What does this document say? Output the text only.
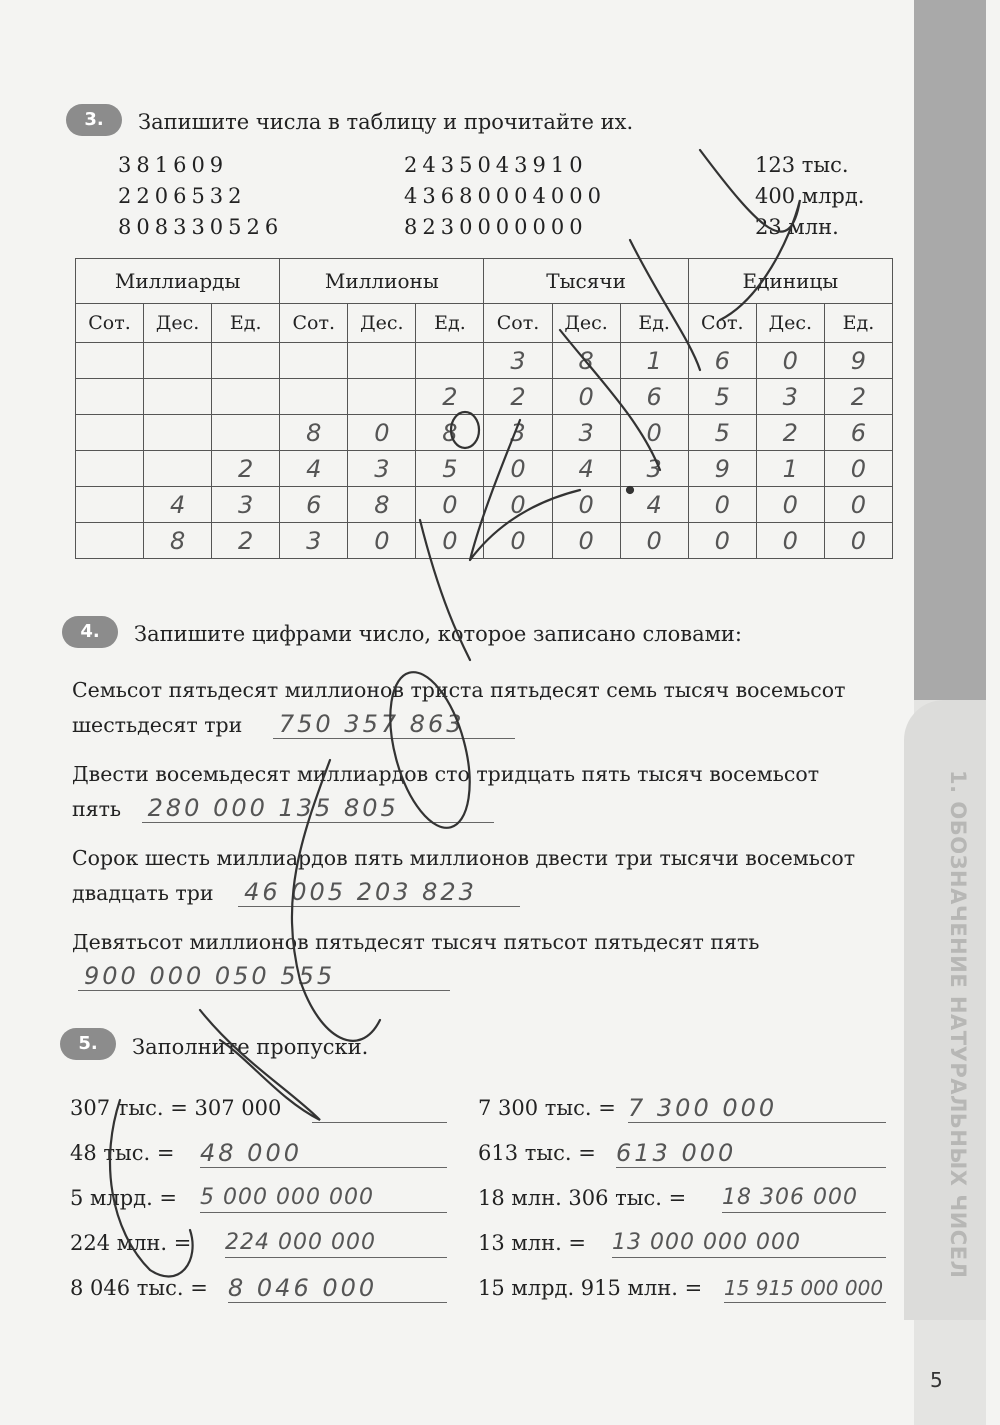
1. ОБОЗНАЧЕНИЕ НАТУРАЛЬНЫХ ЧИСЕЛ
5
3.	Запишите числа в таблицу и прочитайте их.
381609
2206532
808330526
2435043910
43680004000
8230000000
123 тыс.
400 млрд.
23 млн.
Миллиарды			Миллионы			Тысячи			Единицы		
Сот.	Дес.	Ед.	Сот.	Дес.	Ед.	Сот.	Дес.	Ед.	Сот.	Дес.	Ед.
						3	8	1	6	0	9
					2	2	0	6	5	3	2
			8	0	8	3	3	0	5	2	6
		2	4	3	5	0	4	3	9	1	0
	4	3	6	8	0	0	0	4	0	0	0
	8	2	3	0	0	0	0	0	0	0	0
4.	Запишите цифрами число, которое записано словами:
Семьсот пятьдесят миллионов триста пятьдесят семь тысяч восемьсот
шестьдесят три 750 357 863
Двести восемьдесят миллиардов сто тридцать пять тысяч восемьсот
пять 280 000 135 805
Сорок шесть миллиардов пять миллионов двести три тысячи восемьсот
двадцать три 46 005 203 823
Девятьсот миллионов пятьдесят тысяч пятьсот пятьдесят пять
900 000 050 555
5.	Заполните пропуски.
307 тыс. = 307 000
48 тыс. = 48 000
5 млрд. = 5 000 000 000
224 млн. = 224 000 000
8 046 тыс. = 8 046 000
7 300 тыс. = 7 300 000
613 тыс. = 613 000
18 млн. 306 тыс. = 18 306 000
13 млн. = 13 000 000 000
15 млрд. 915 млн. = 15 915 000 000
